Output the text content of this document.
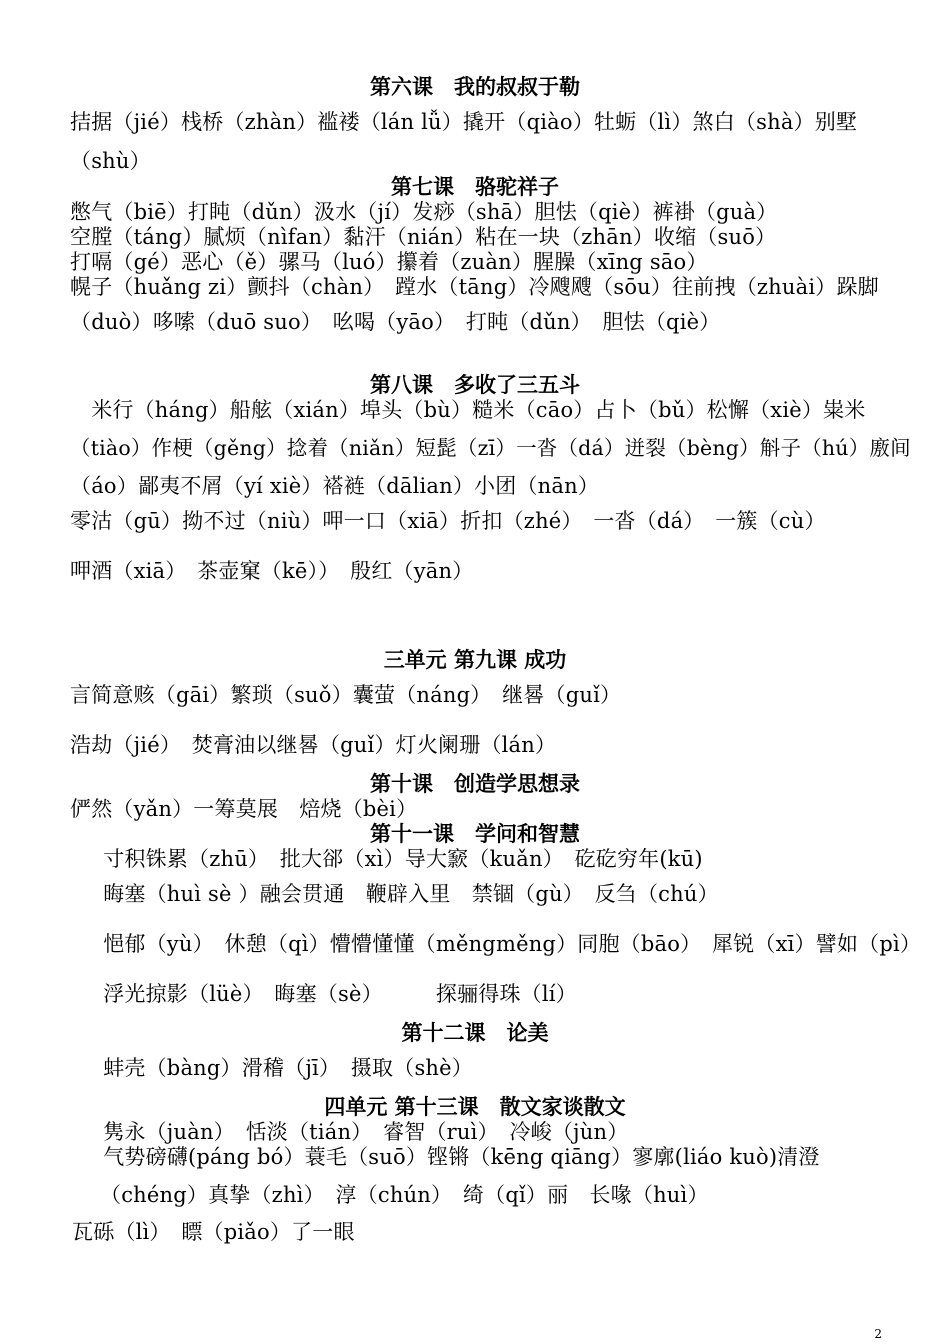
第六课　我的叔叔于勒
拮据（jié）栈桥（zhàn）褴褛（lán lǚ）撬开（qiào）牡蛎（lì）煞白（shà）别墅
（shù）
第七课　骆驼祥子
憋气（biē）打盹（dǔn）汲水（jí）发痧（shā）胆怯（qiè）裤褂（guà）
空膛（táng）腻烦（nìfan）黏汗（nián）粘在一块（zhān）收缩（suō）
打嗝（gé）恶心（ě）骡马（luó）攥着（zuàn）腥臊（xīng sāo）
幌子（huǎng zi）颤抖（chàn）　蹚水（tāng）冷飕飕（sōu）往前拽（zhuài）跺脚
（duò）哆嗦（duō suo）　吆喝（yāo）　打盹（dǔn）　胆怯（qiè）
第八课　多收了三五斗
　米行（háng）船舷（xián）埠头（bù）糙米（cāo）占卜（bǔ）松懈（xiè）粜米
（tiào）作梗（gěng）捻着（niǎn）短髭（zī）一沓（dá）迸裂（bèng）斛子（hú）廒间
（áo）鄙夷不屑（yí xiè）褡裢（dālian）小团（nān）
零沽（gū）拗不过（niù）呷一口（xiā）折扣（zhé）　一沓（dá）　一簇（cù）
呷酒（xiā）　茶壶窠（kē））　殷红（yān）
三单元 第九课 成功
言简意赅（gāi）繁琐（suǒ）囊萤（náng）　继晷（guǐ）
浩劫（jié）　焚膏油以继晷（guǐ）灯火阑珊（lán）
第十课　创造学思想录
俨然（yǎn）一筹莫展　焙烧（bèi）
第十一课　学问和智慧
　寸积铢累（zhū）　批大郤（xì）导大窾（kuǎn）　矻矻穷年(kū)
　晦塞（huì sè ）融会贯通　鞭辟入里　禁锢（gù）　反刍（chú）
　悒郁（yù）　休憩（qì）懵懵懂懂（měngměng）同胞（bāo）　犀锐（xī）譬如（pì）
　浮光掠影（lüè）　晦塞（sè）　　　探骊得珠（lí）
第十二课　论美
　蚌壳（bàng）滑稽（jī）　摄取（shè）
四单元 第十三课　散文家谈散文
　隽永（juàn）　恬淡（tián）　睿智（ruì）　冷峻（jùn）
　气势磅礴(páng bó）蓑毛（suō）铿锵（kēng qiāng）寥廓(liáo kuò)清澄
（chéng）真挚（zhì）　淳（chún）　绮（qǐ）丽　长喙（huì）
瓦砾（lì）　瞟（piǎo）了一眼
2
